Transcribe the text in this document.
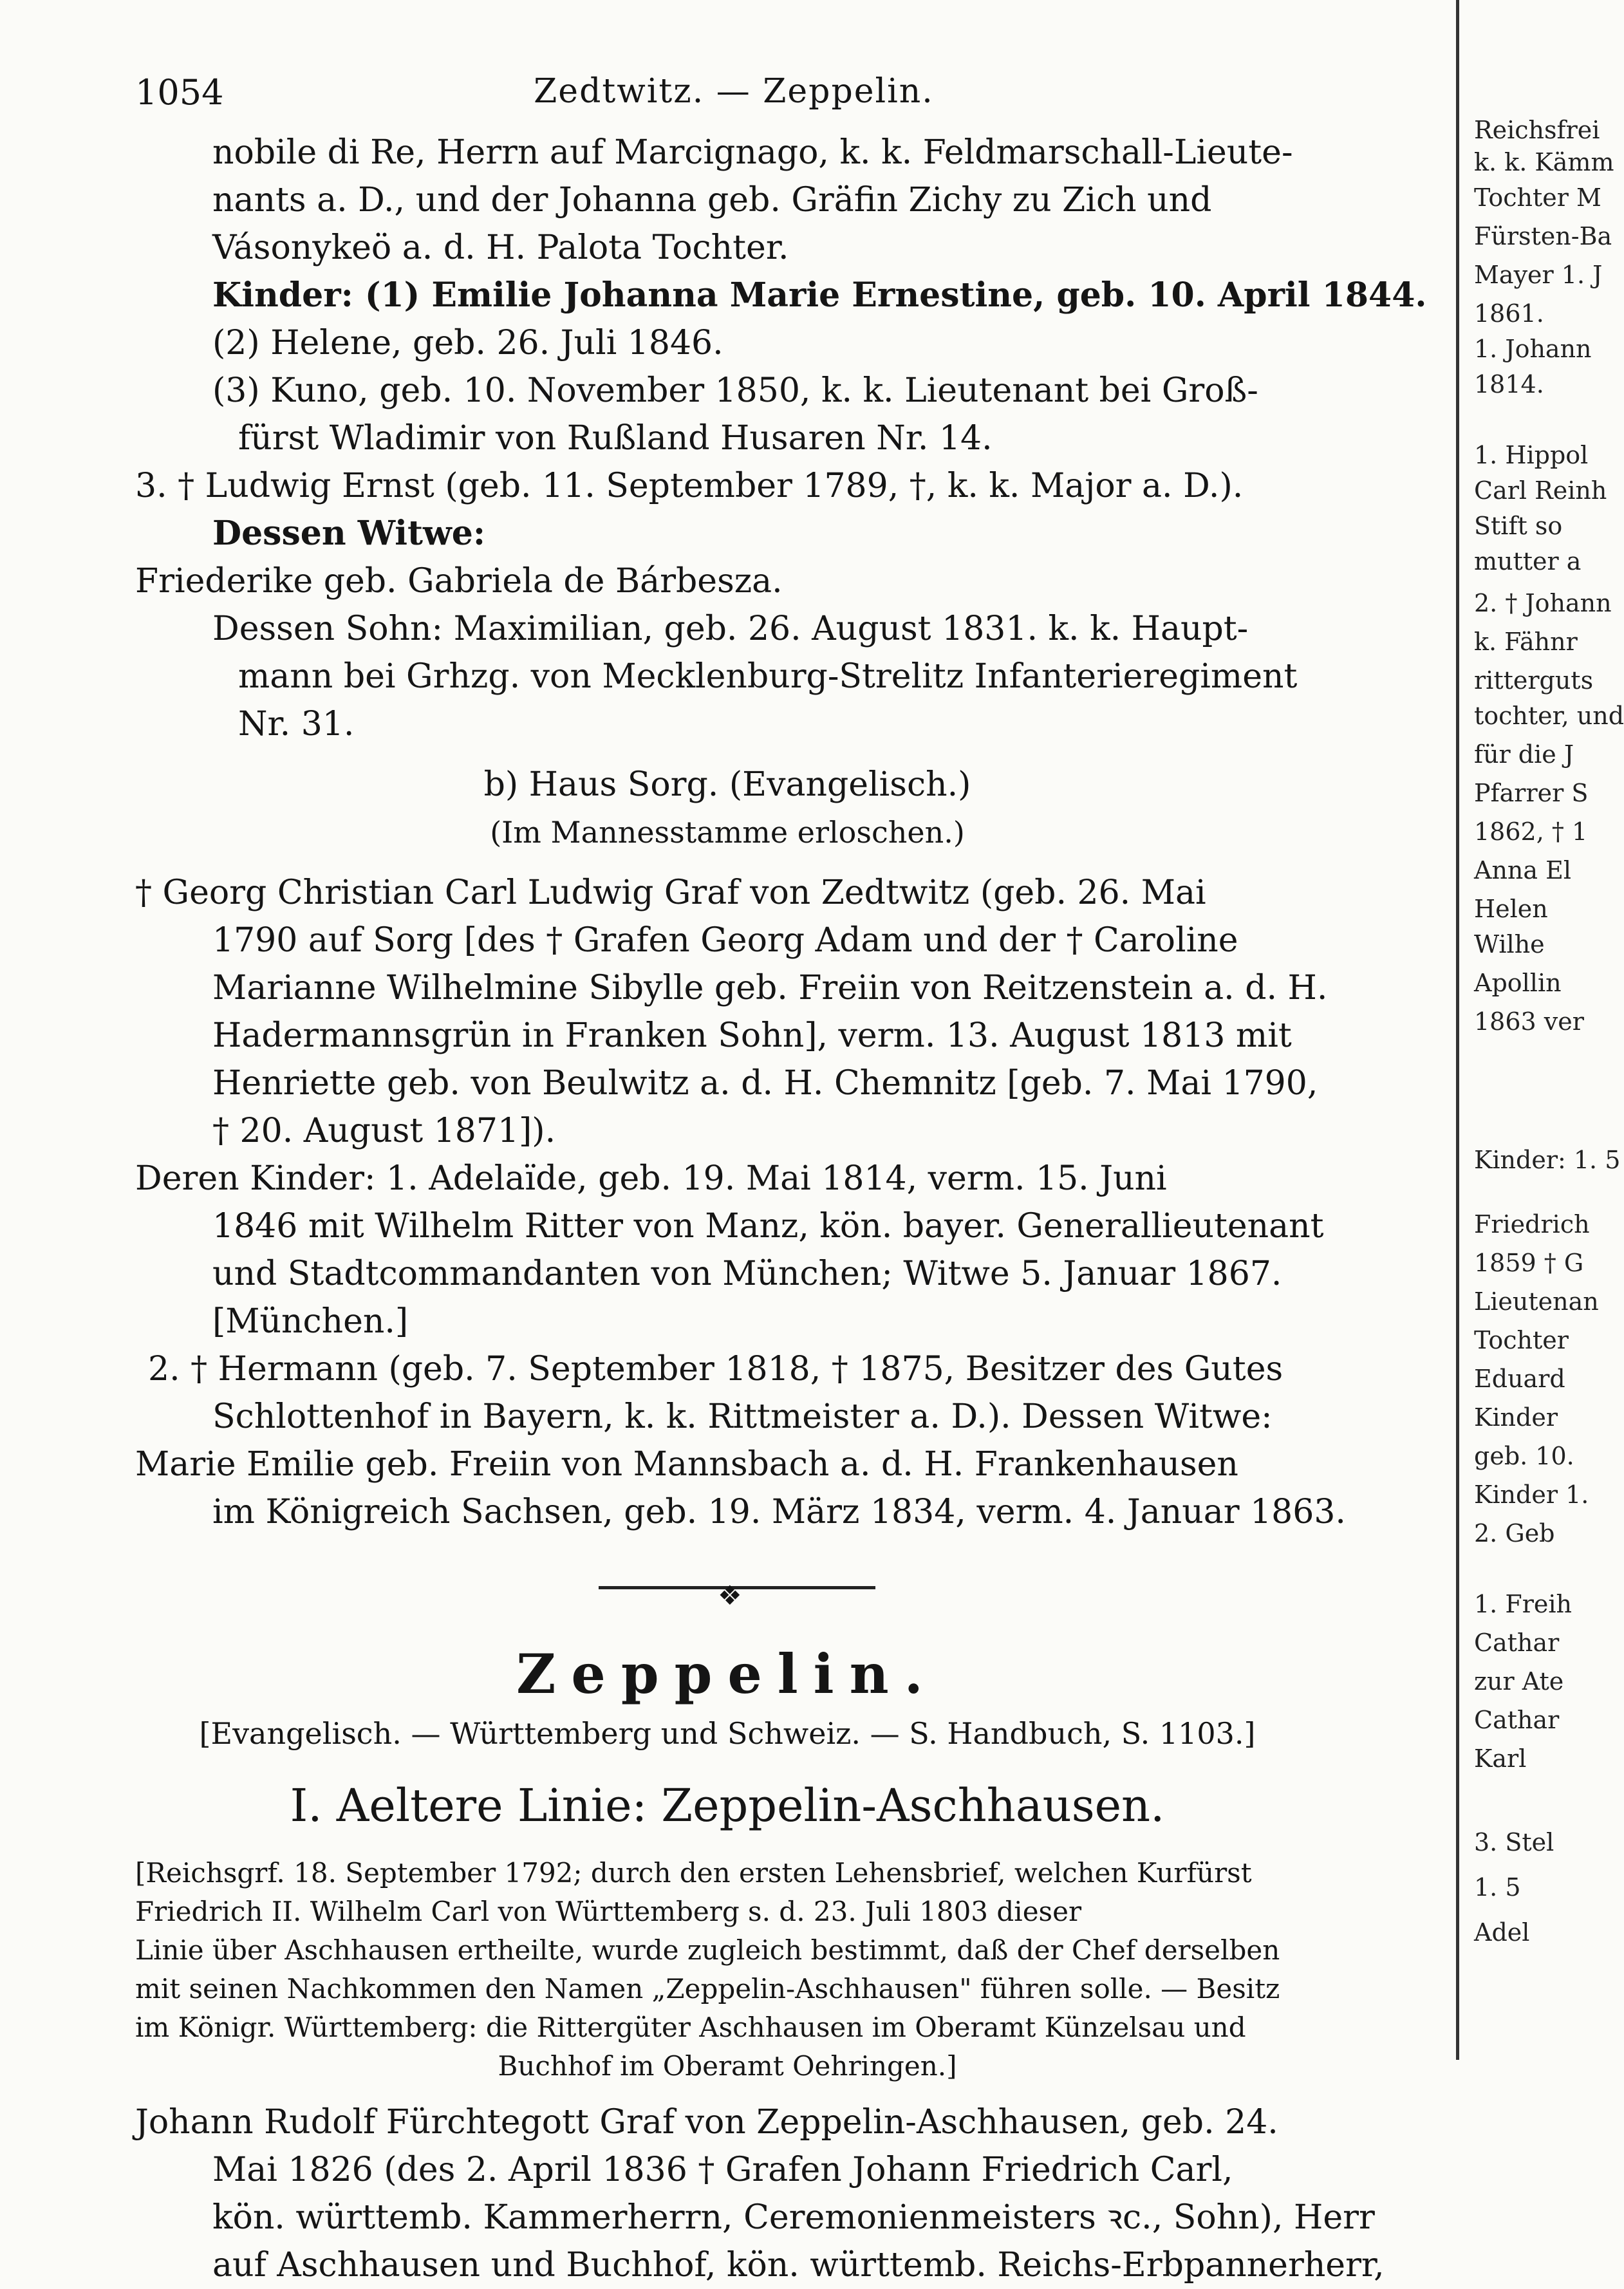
1054	Zedtwitz. — Zeppelin.
nobile di Re, Herrn auf Marcignago, k. k. Feldmarschall-Lieute-
nants a. D., und der Johanna geb. Gräfin Zichy zu Zich und
Vásonykeö a. d. H. Palota Tochter.
Kinder: (1) Emilie Johanna Marie Ernestine, geb. 10. April 1844.
(2) Helene, geb. 26. Juli 1846.
(3) Kuno, geb. 10. November 1850, k. k. Lieutenant bei Groß-
fürst Wladimir von Rußland Husaren Nr. 14.
3. † Ludwig Ernst (geb. 11. September 1789, †, k. k. Major a. D.).
Dessen Witwe:
Friederike geb. Gabriela de Bárbesza.
Dessen Sohn: Maximilian, geb. 26. August 1831. k. k. Haupt-
mann bei Grhzg. von Mecklenburg-Strelitz Infanterieregiment
Nr. 31.
b) Haus Sorg. (Evangelisch.)
(Im Mannesstamme erloschen.)
† Georg Christian Carl Ludwig Graf von Zedtwitz (geb. 26. Mai
1790 auf Sorg [des † Grafen Georg Adam und der † Caroline
Marianne Wilhelmine Sibylle geb. Freiin von Reitzenstein a. d. H.
Hadermannsgrün in Franken Sohn], verm. 13. August 1813 mit
Henriette geb. von Beulwitz a. d. H. Chemnitz [geb. 7. Mai 1790,
† 20. August 1871]).
Deren Kinder: 1. Adelaïde, geb. 19. Mai 1814, verm. 15. Juni
1846 mit Wilhelm Ritter von Manz, kön. bayer. Generallieutenant
und Stadtcommandanten von München; Witwe 5. Januar 1867.
[München.]
2. † Hermann (geb. 7. September 1818, † 1875, Besitzer des Gutes
Schlottenhof in Bayern, k. k. Rittmeister a. D.). Dessen Witwe:
Marie Emilie geb. Freiin von Mannsbach a. d. H. Frankenhausen
im Königreich Sachsen, geb. 19. März 1834, verm. 4. Januar 1863.
❖
Zeppelin.
[Evangelisch. — Württemberg und Schweiz. — S. Handbuch, S. 1103.]
I. Aeltere Linie: Zeppelin-Aschhausen.
[Reichsgrf. 18. September 1792; durch den ersten Lehensbrief, welchen Kurfürst
Friedrich II. Wilhelm Carl von Württemberg s. d. 23. Juli 1803 dieser
Linie über Aschhausen ertheilte, wurde zugleich bestimmt, daß der Chef derselben
mit seinen Nachkommen den Namen „Zeppelin-Aschhausen" führen solle. — Besitz
im Königr. Württemberg: die Rittergüter Aschhausen im Oberamt Künzelsau und
Buchhof im Oberamt Oehringen.]
Johann Rudolf Fürchtegott Graf von Zeppelin-Aschhausen, geb. 24.
Mai 1826 (des 2. April 1836 † Grafen Johann Friedrich Carl,
kön. württemb. Kammerherrn, Ceremonienmeisters ꝛc., Sohn), Herr
auf Aschhausen und Buchhof, kön. württemb. Reichs-Erbpannerherr,
Reichsfrei
k. k. Kämm
Tochter M
Fürsten-Ba
Mayer 1. J
1861.
1. Johann
1814.
1. Hippol
Carl Reinh
Stift so
mutter a
2. † Johann
k. Fähnr
ritterguts
tochter, und
für die J
Pfarrer S
1862, † 1
Anna El
Helen
Wilhe
Apollin
1863 ver
Kinder: 1. 5
Friedrich
1859 † G
Lieutenan
Tochter
Eduard
Kinder
geb. 10.
Kinder 1.
2. Geb
1. Freih
Cathar
zur Ate
Cathar
Karl
3. Stel
1. 5
Adel
